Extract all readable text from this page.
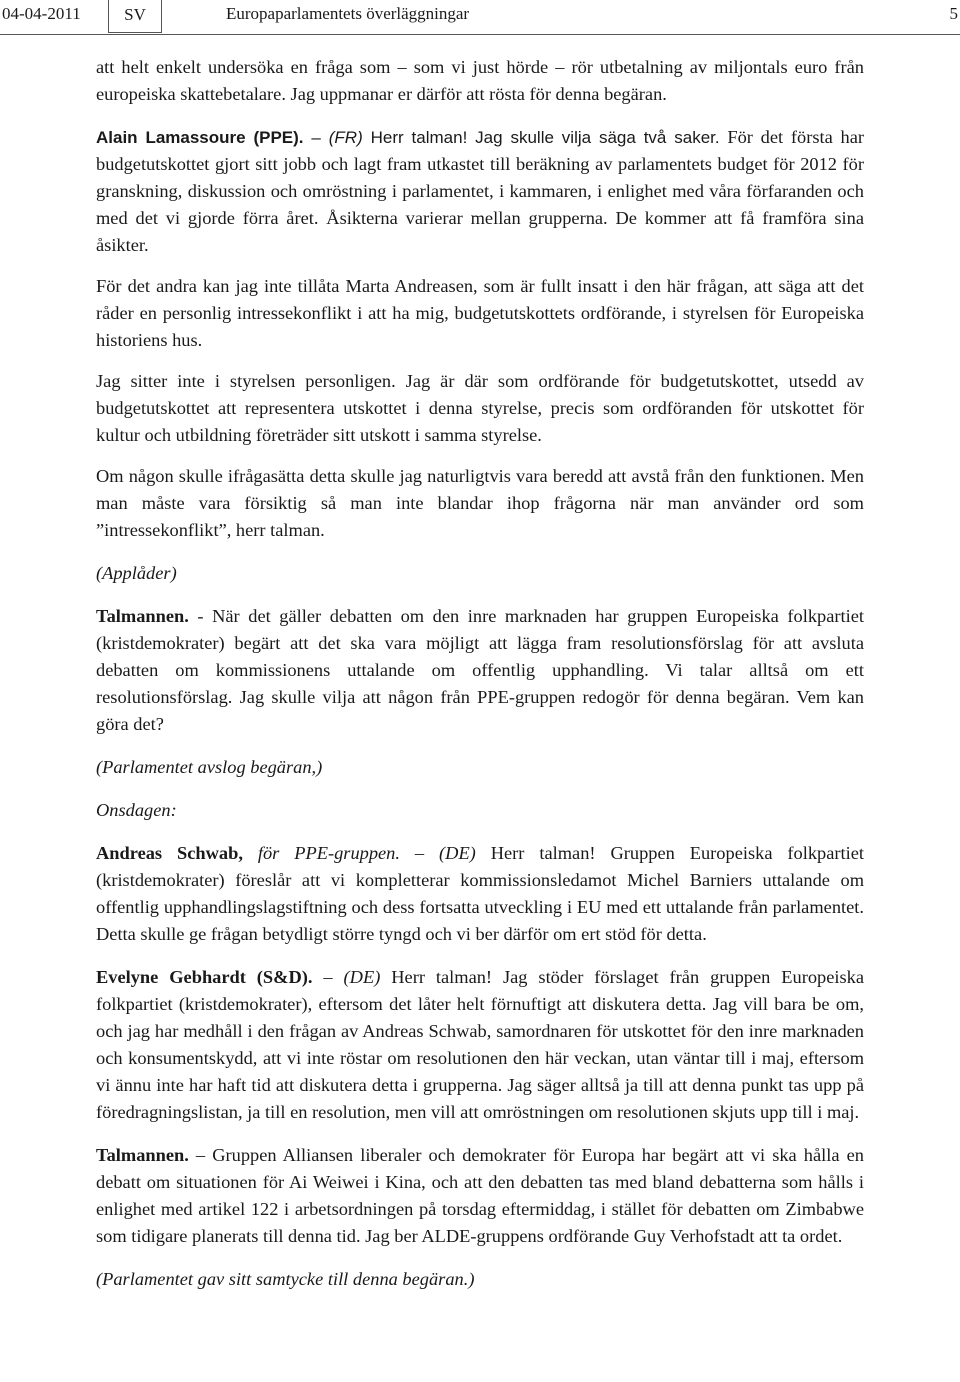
04-04-2011	SV	Europaparlamentets överläggningar	5

att helt enkelt undersöka en fråga som – som vi just hörde – rör utbetalning av miljontals euro från europeiska skattebetalare. Jag uppmanar er därför att rösta för denna begäran.

Alain Lamassoure (PPE). – (FR) Herr talman! Jag skulle vilja säga två saker. För det första har budgetutskottet gjort sitt jobb och lagt fram utkastet till beräkning av parlamentets budget för 2012 för granskning, diskussion och omröstning i parlamentet, i kammaren, i enlighet med våra förfaranden och med det vi gjorde förra året. Åsikterna varierar mellan grupperna. De kommer att få framföra sina åsikter.

För det andra kan jag inte tillåta Marta Andreasen, som är fullt insatt i den här frågan, att säga att det råder en personlig intressekonflikt i att ha mig, budgetutskottets ordförande, i styrelsen för Europeiska historiens hus.

Jag sitter inte i styrelsen personligen. Jag är där som ordförande för budgetutskottet, utsedd av budgetutskottet att representera utskottet i denna styrelse, precis som ordföranden för utskottet för kultur och utbildning företräder sitt utskott i samma styrelse.

Om någon skulle ifrågasätta detta skulle jag naturligtvis vara beredd att avstå från den funktionen. Men man måste vara försiktig så man inte blandar ihop frågorna när man använder ord som ”intressekonflikt”, herr talman.

(Applåder)

Talmannen. - När det gäller debatten om den inre marknaden har gruppen Europeiska folkpartiet (kristdemokrater) begärt att det ska vara möjligt att lägga fram resolutionsförslag för att avsluta debatten om kommissionens uttalande om offentlig upphandling. Vi talar alltså om ett resolutionsförslag. Jag skulle vilja att någon från PPE-gruppen redogör för denna begäran. Vem kan göra det?

(Parlamentet avslog begäran,)

Onsdagen:

Andreas Schwab, för PPE-gruppen. – (DE) Herr talman! Gruppen Europeiska folkpartiet (kristdemokrater) föreslår att vi kompletterar kommissionsledamot Michel Barniers uttalande om offentlig upphandlingslagstiftning och dess fortsatta utveckling i EU med ett uttalande från parlamentet. Detta skulle ge frågan betydligt större tyngd och vi ber därför om ert stöd för detta.

Evelyne Gebhardt (S&D). – (DE) Herr talman! Jag stöder förslaget från gruppen Europeiska folkpartiet (kristdemokrater), eftersom det låter helt förnuftigt att diskutera detta. Jag vill bara be om, och jag har medhåll i den frågan av Andreas Schwab, samordnaren för utskottet för den inre marknaden och konsumentskydd, att vi inte röstar om resolutionen den här veckan, utan väntar till i maj, eftersom vi ännu inte har haft tid att diskutera detta i grupperna. Jag säger alltså ja till att denna punkt tas upp på föredragningslistan, ja till en resolution, men vill att omröstningen om resolutionen skjuts upp till i maj.

Talmannen. – Gruppen Alliansen liberaler och demokrater för Europa har begärt att vi ska hålla en debatt om situationen för Ai Weiwei i Kina, och att den debatten tas med bland debatterna som hålls i enlighet med artikel 122 i arbetsordningen på torsdag eftermiddag, i stället för debatten om Zimbabwe som tidigare planerats till denna tid. Jag ber ALDE-gruppens ordförande Guy Verhofstadt att ta ordet.

(Parlamentet gav sitt samtycke till denna begäran.)
